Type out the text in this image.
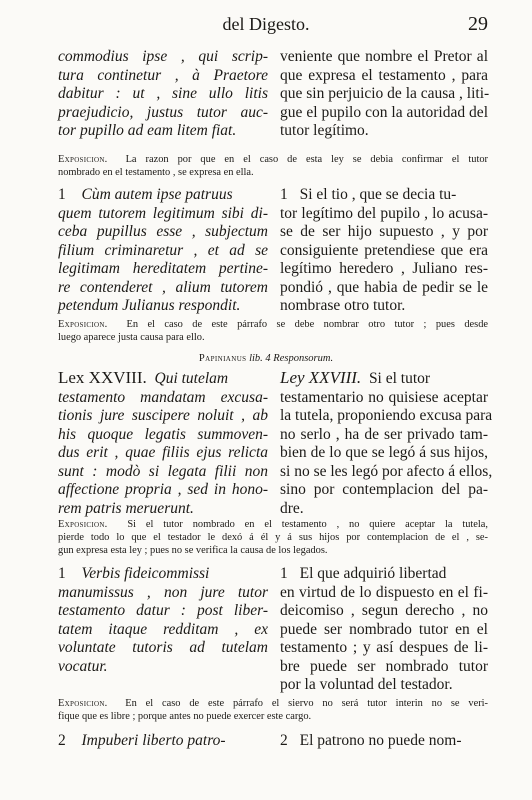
del Digesto.	29
commodius ipse , qui scrip-
tura continetur , à Praetore
dabitur : ut , sine ullo litis
praejudicio, justus tutor auc-
tor pupillo ad eam litem fiat.
veniente que nombre el Pretor al
que expresa el testamento , para
que sin perjuicio de la causa , liti-
gue el pupilo con la autoridad del
tutor legítimo.
Exposicion. La razon por que en el caso de esta ley se debia confirmar el tutor
nombrado en el testamento , se expresa en ella.
1 Cùm autem ipse patruus
quem tutorem legitimum sibi di-
ceba pupillus esse , subjectum
filium criminaretur , et ad se
legitimam hereditatem pertine-
re contenderet , alium tutorem
petendum Julianus respondit.
1 Si el tio , que se decia tu-
tor legítimo del pupilo , lo acusa-
se de ser hijo supuesto , y por
consiguiente pretendiese que era
legítimo heredero , Juliano res-
pondió , que habia de pedir se le
nombrase otro tutor.
Exposicion. En el caso de este párrafo se debe nombrar otro tutor ; pues desde
luego aparece justa causa para ello.
Papinianus lib. 4 Responsorum.
Lex XXVIII. Qui tutelam
testamento mandatam excusa-
tionis jure suscipere noluit , ab
his quoque legatis summoven-
dus erit , quae filiis ejus relicta
sunt : modò si legata filii non
affectione propria , sed in hono-
rem patris meruerunt.
Ley XXVIII. Si el tutor
testamentario no quisiese aceptar
la tutela, proponiendo excusa para
no serlo , ha de ser privado tam-
bien de lo que se legó á sus hijos,
si no se les legó por afecto á ellos,
sino por contemplacion del pa-
dre.
Exposicion. Si el tutor nombrado en el testamento , no quiere aceptar la tutela,
pierde todo lo que el testador le dexó á él y á sus hijos por contemplacion de el , se-
gun expresa esta ley ; pues no se verifica la causa de los legados.
1 Verbis fideicommissi
manumissus , non jure tutor
testamento datur : post liber-
tatem itaque redditam , ex
voluntate tutoris ad tutelam
vocatur.
1 El que adquirió libertad
en virtud de lo dispuesto en el fi-
deicomiso , segun derecho , no
puede ser nombrado tutor en el
testamento ; y así despues de li-
bre puede ser nombrado tutor
por la voluntad del testador.
Exposicion. En el caso de este párrafo el siervo no será tutor interin no se veri-
fique que es libre ; porque antes no puede exercer este cargo.
2 Impuberi liberto patro-	2 El patrono no puede nom-
